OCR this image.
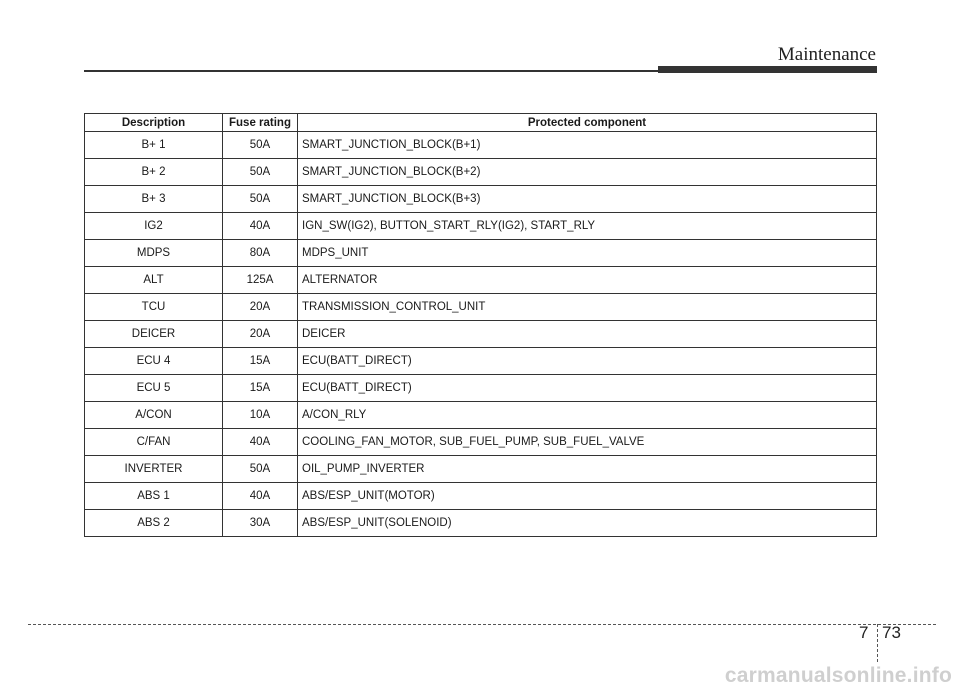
Maintenance
Description	Fuse rating	Protected component
B+ 1	50A	SMART_JUNCTION_BLOCK(B+1)
B+ 2	50A	SMART_JUNCTION_BLOCK(B+2)
B+ 3	50A	SMART_JUNCTION_BLOCK(B+3)
IG2	40A	IGN_SW(IG2), BUTTON_START_RLY(IG2), START_RLY
MDPS	80A	MDPS_UNIT
ALT	125A	ALTERNATOR
TCU	20A	TRANSMISSION_CONTROL_UNIT
DEICER	20A	DEICER
ECU 4	15A	ECU(BATT_DIRECT)
ECU 5	15A	ECU(BATT_DIRECT)
A/CON	10A	A/CON_RLY
C/FAN	40A	COOLING_FAN_MOTOR, SUB_FUEL_PUMP, SUB_FUEL_VALVE
INVERTER	50A	OIL_PUMP_INVERTER
ABS 1	40A	ABS/ESP_UNIT(MOTOR)
ABS 2	30A	ABS/ESP_UNIT(SOLENOID)
7 73
carmanualsonline.info
